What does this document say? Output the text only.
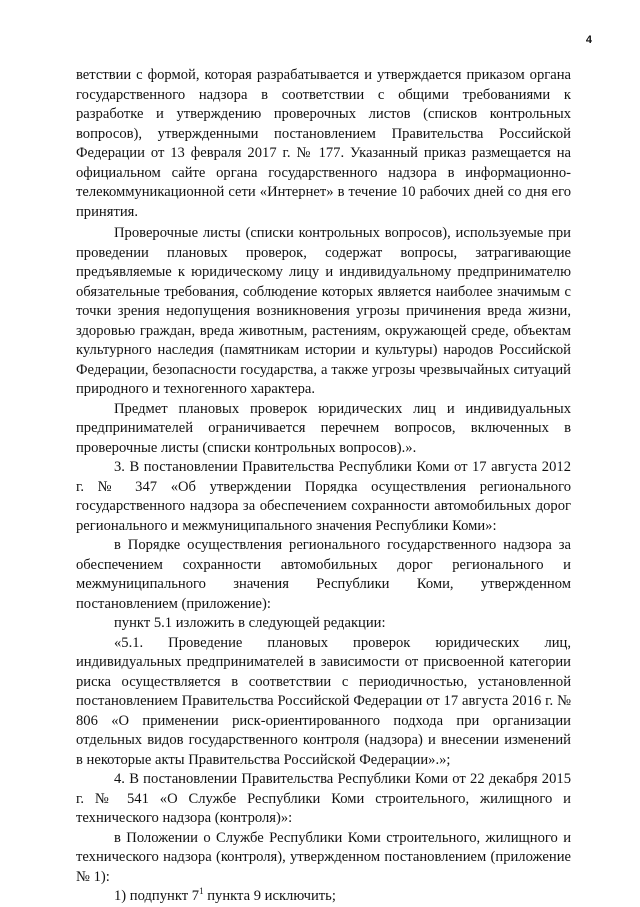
4

ветствии с формой, которая разрабатывается и утверждается приказом органа государственного надзора в соответствии с общими требованиями к разработке и утверждению проверочных листов (списков контрольных вопросов), утвержденными постановлением Правительства Российской Федерации от 13 февраля 2017 г. № 177. Указанный приказ размещается на официальном сайте органа государственного надзора в информационно-телекоммуникационной сети «Интернет» в течение 10 рабочих дней со дня его принятия.

Проверочные листы (списки контрольных вопросов), используемые при проведении плановых проверок, содержат вопросы, затрагивающие предъявляемые к юридическому лицу и индивидуальному предпринимателю обязательные требования, соблюдение которых является наиболее значимым с точки зрения недопущения возникновения угрозы причинения вреда жизни, здоровью граждан, вреда животным, растениям, окружающей среде, объектам культурного наследия (памятникам истории и культуры) народов Российской Федерации, безопасности государства, а также угрозы чрезвычайных ситуаций природного и техногенного характера.

Предмет плановых проверок юридических лиц и индивидуальных предпринимателей ограничивается перечнем вопросов, включенных в проверочные листы (списки контрольных вопросов).».

3. В постановлении Правительства Республики Коми от 17 августа 2012 г. № 347 «Об утверждении Порядка осуществления регионального государственного надзора за обеспечением сохранности автомобильных дорог регионального и межмуниципального значения Республики Коми»:

в Порядке осуществления регионального государственного надзора за обеспечением сохранности автомобильных дорог регионального и межмуниципального значения Республики Коми, утвержденном постановлением (приложение):

пункт 5.1 изложить в следующей редакции:

«5.1. Проведение плановых проверок юридических лиц, индивидуальных предпринимателей в зависимости от присвоенной категории риска осуществляется в соответствии с периодичностью, установленной постановлением Правительства Российской Федерации от 17 августа 2016 г. № 806 «О применении риск-ориентированного подхода при организации отдельных видов государственного контроля (надзора) и внесении изменений в некоторые акты Правительства Российской Федерации».»;

4. В постановлении Правительства Республики Коми от 22 декабря 2015 г. № 541 «О Службе Республики Коми строительного, жилищного и технического надзора (контроля)»:

в Положении о Службе Республики Коми строительного, жилищного и технического надзора (контроля), утвержденном постановлением (приложение № 1):

1) подпункт $7^1$ пункта 9 исключить;
